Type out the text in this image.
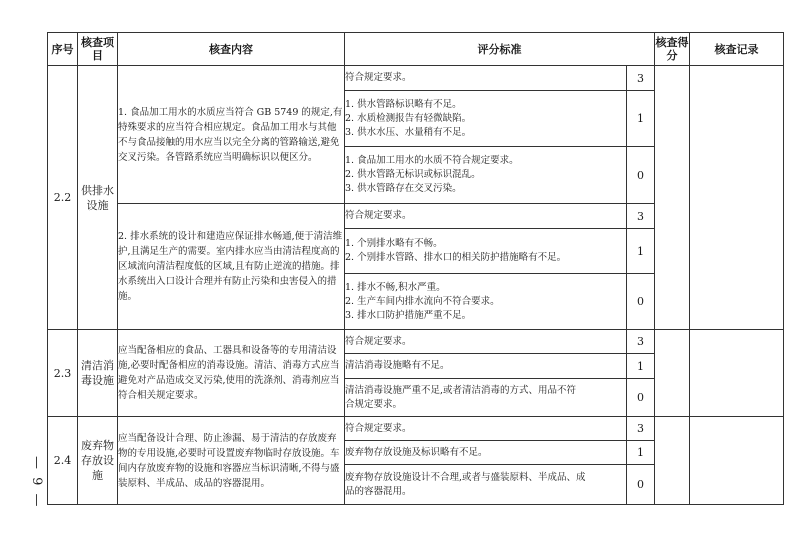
— 9 —
序号	核查项目	核查内容	评分标准		核查得分	核查记录
2.2	供排水设施	1. 食品加工用水的水质应当符合 GB 5749 的规定,有特殊要求的应当符合相应规定。食品加工用水与其他不与食品接触的用水应当以完全分离的管路输送,避免交叉污染。各管路系统应当明确标识以便区分。	符合规定要求。	3		

			1. 供水管路标识略有不足。
2. 水质检测报告有轻微缺陷。
3. 供水水压、水量稍有不足。	1		

			1. 食品加工用水的水质不符合规定要求。
2. 供水管路无标识或标识混乱。
3. 供水管路存在交叉污染。	0		
		2. 排水系统的设计和建造应保证排水畅通,便于清洁维护,且满足生产的需要。室内排水应当由清洁程度高的区域流向清洁程度低的区域,且有防止逆流的措施。排水系统出入口设计合理并有防止污染和虫害侵入的措施。	符合规定要求。	3		

			1. 个别排水略有不畅。
2. 个别排水管路、排水口的相关防护措施略有不足。	1		

			1. 排水不畅,积水严重。
2. 生产车间内排水流向不符合要求。
3. 排水口防护措施严重不足。	0		
2.3	清洁消毒设施	应当配备相应的食品、工器具和设备等的专用清洁设施,必要时配备相应的消毒设施。清洁、消毒方式应当避免对产品造成交叉污染,使用的洗涤剂、消毒剂应当符合相关规定要求。	符合规定要求。	3		

			清洁消毒设施略有不足。	1		

			清洁消毒设施严重不足,或者清洁消毒的方式、用品不符
合规定要求。	0		
2.4	废弃物存放设施	应当配备设计合理、防止渗漏、易于清洁的存放废弃物的专用设施,必要时可设置废弃物临时存放设施。车间内存放废弃物的设施和容器应当标识清晰,不得与盛装原料、半成品、成品的容器混用。	符合规定要求。	3		

			废弃物存放设施及标识略有不足。	1		

			废弃物存放设施设计不合理,或者与盛装原料、半成品、成
品的容器混用。	0		
